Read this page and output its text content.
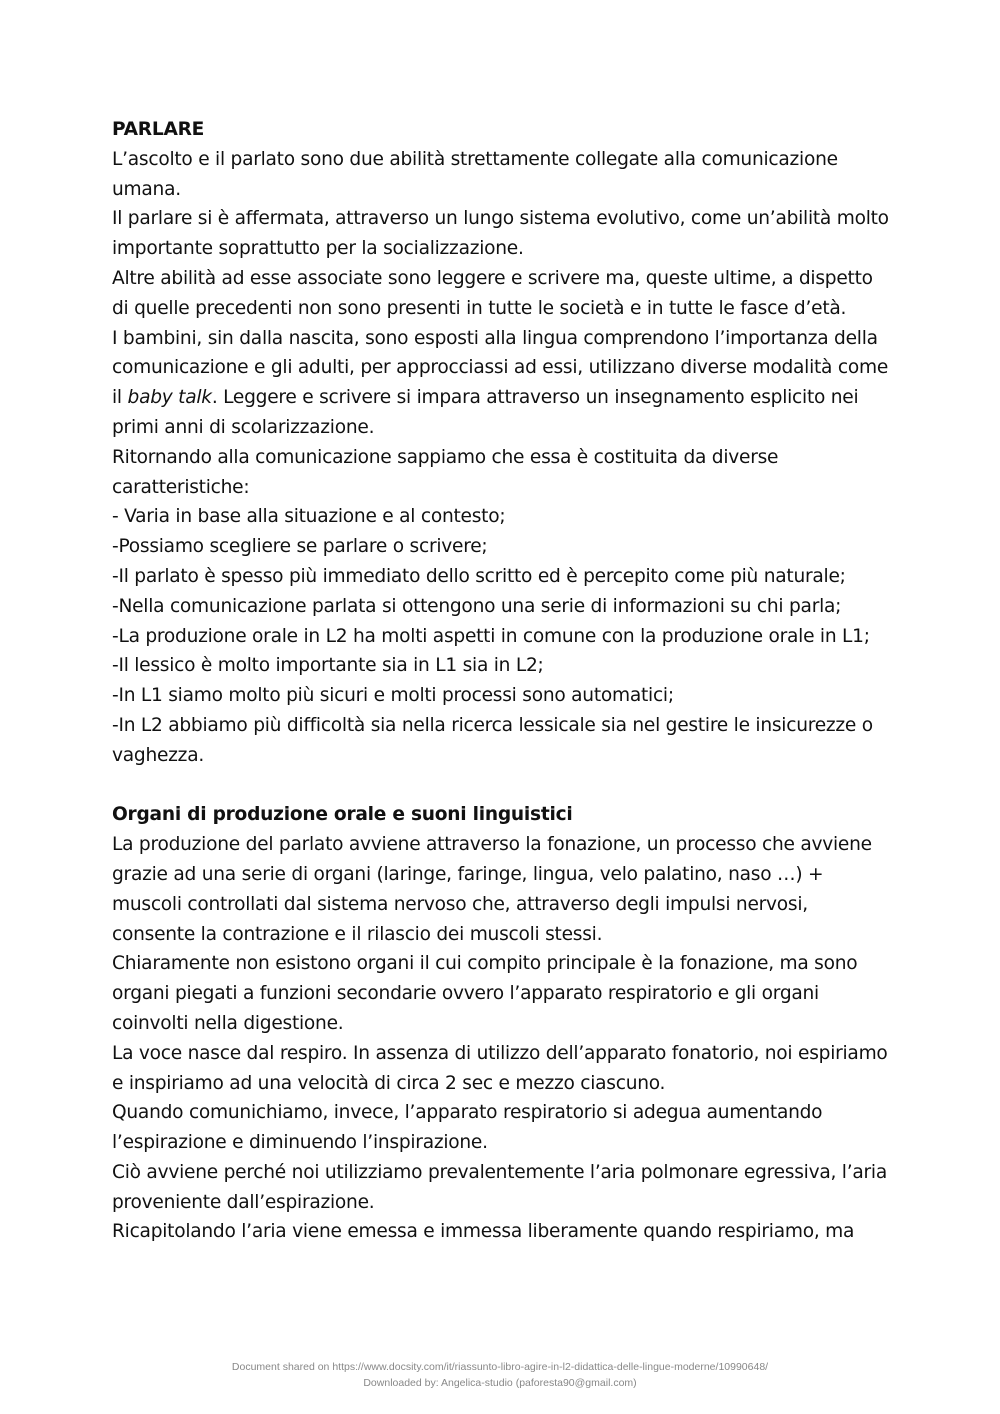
PARLARE

L’ascolto e il parlato sono due abilità strettamente collegate alla comunicazione umana.

Il parlare si è affermata, attraverso un lungo sistema evolutivo, come un’abilità molto importante soprattutto per la socializzazione.

Altre abilità ad esse associate sono leggere e scrivere ma, queste ultime, a dispetto di quelle precedenti non sono presenti in tutte le società e in tutte le fasce d’età.

I bambini, sin dalla nascita, sono esposti alla lingua comprendono l’importanza della comunicazione e gli adulti, per approcciassi ad essi, utilizzano diverse modalità come il baby talk. Leggere e scrivere si impara attraverso un insegnamento esplicito nei primi anni di scolarizzazione.

Ritornando alla comunicazione sappiamo che essa è costituita da diverse caratteristiche:

- Varia in base alla situazione e al contesto;

-Possiamo scegliere se parlare o scrivere;

-Il parlato è spesso più immediato dello scritto ed è percepito come più naturale;

-Nella comunicazione parlata si ottengono una serie di informazioni su chi parla;

-La produzione orale in L2 ha molti aspetti in comune con la produzione orale in L1;

-Il lessico è molto importante sia in L1 sia in L2;

-In L1 siamo molto più sicuri e molti processi sono automatici;

-In L2 abbiamo più difficoltà sia nella ricerca lessicale sia nel gestire le insicurezze o vaghezza.

Organi di produzione orale e suoni linguistici

La produzione del parlato avviene attraverso la fonazione, un processo che avviene grazie ad una serie di organi (laringe, faringe, lingua, velo palatino, naso …) + muscoli controllati dal sistema nervoso che, attraverso degli impulsi nervosi, consente la contrazione e il rilascio dei muscoli stessi.

Chiaramente non esistono organi il cui compito principale è la fonazione, ma sono organi piegati a funzioni secondarie ovvero l’apparato respiratorio e gli organi coinvolti nella digestione.

La voce nasce dal respiro. In assenza di utilizzo dell’apparato fonatorio, noi espiriamo e inspiriamo ad una velocità di circa 2 sec e mezzo ciascuno.

Quando comunichiamo, invece, l’apparato respiratorio si adegua aumentando l’espirazione e diminuendo l’inspirazione.

Ciò avviene perché noi utilizziamo prevalentemente l’aria polmonare egressiva, l’aria proveniente dall’espirazione.

Ricapitolando l’aria viene emessa e immessa liberamente quando respiriamo, ma

Document shared on https://www.docsity.com/it/riassunto-libro-agire-in-l2-didattica-delle-lingue-moderne/10990648/
Downloaded by: Angelica-studio (paforesta90@gmail.com)
